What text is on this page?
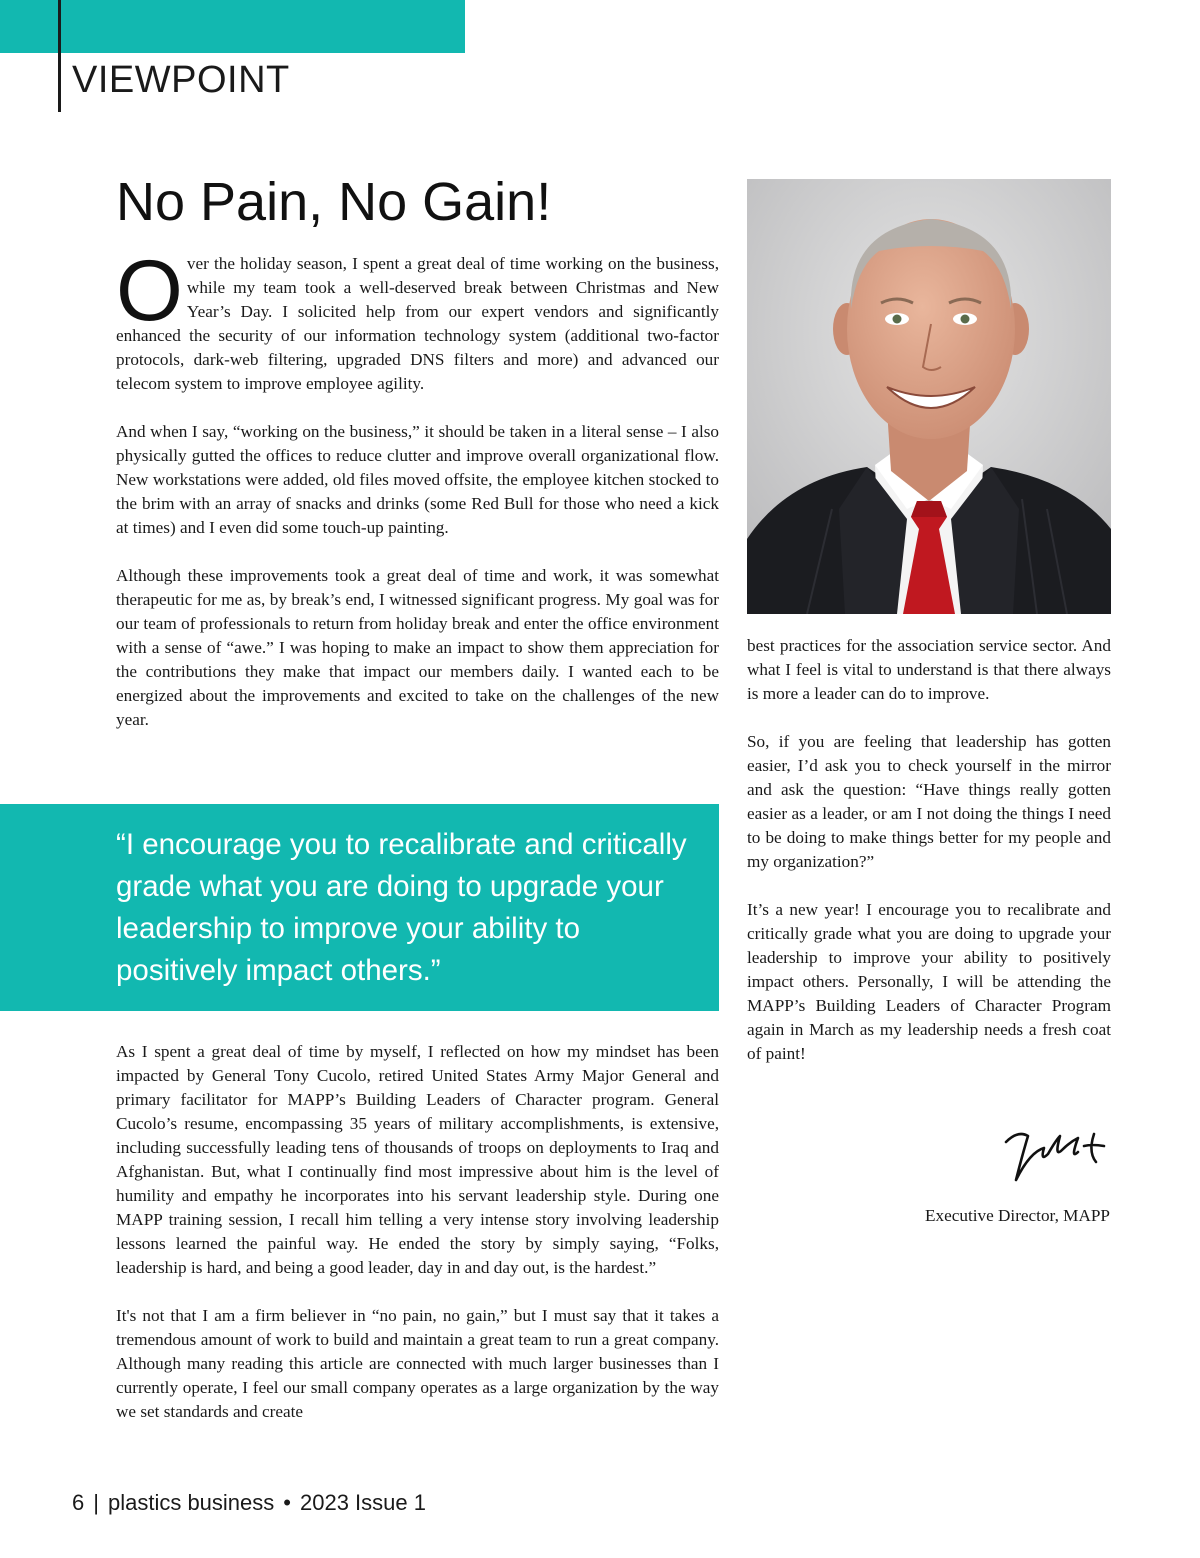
VIEWPOINT
No Pain, No Gain!

Over the holiday season, I spent a great deal of time working on the business, while my team took a well-deserved break between Christmas and New Year’s Day. I solicited help from our expert vendors and significantly enhanced the security of our information technology system (additional two-factor protocols, dark-web filtering, upgraded DNS filters and more) and advanced our telecom system to improve employee agility.

And when I say, “working on the business,” it should be taken in a literal sense – I also physically gutted the offices to reduce clutter and improve overall organizational flow. New workstations were added, old files moved offsite, the employee kitchen stocked to the brim with an array of snacks and drinks (some Red Bull for those who need a kick at times) and I even did some touch-up painting.

Although these improvements took a great deal of time and work, it was somewhat therapeutic for me as, by break’s end, I witnessed significant progress. My goal was for our team of professionals to return from holiday break and enter the office environment with a sense of “awe.” I was hoping to make an impact to show them appreciation for the contributions they make that impact our members daily. I wanted each to be energized about the improvements and excited to take on the challenges of the new year.

“I encourage you to recalibrate and critically grade what you are doing to upgrade your leadership to improve your ability to positively impact others.”

As I spent a great deal of time by myself, I reflected on how my mindset has been impacted by General Tony Cucolo, retired United States Army Major General and primary facilitator for MAPP’s Building Leaders of Character program. General Cucolo’s resume, encompassing 35 years of military accomplishments, is extensive, including successfully leading tens of thousands of troops on deployments to Iraq and Afghanistan. But, what I continually find most impressive about him is the level of humility and empathy he incorporates into his servant leadership style. During one MAPP training session, I recall him telling a very intense story involving leadership lessons learned the painful way. He ended the story by simply saying, “Folks, leadership is hard, and being a good leader, day in and day out, is the hardest.”

It's not that I am a firm believer in “no pain, no gain,” but I must say that it takes a tremendous amount of work to build and maintain a great team to run a great company. Although many reading this article are connected with much larger businesses than I currently operate, I feel our small company operates as a large organization by the way we set standards and create

best practices for the association service sector. And what I feel is vital to understand is that there always is more a leader can do to improve.

So, if you are feeling that leadership has gotten easier, I’d ask you to check yourself in the mirror and ask the question: “Have things really gotten easier as a leader, or am I not doing the things I need to be doing to make things better for my people and my organization?”

It’s a new year! I encourage you to recalibrate and critically grade what you are doing to upgrade your leadership to improve your ability to positively impact others. Personally, I will be attending the MAPP’s Building Leaders of Character Program again in March as my leadership needs a fresh coat of paint!

Executive Director, MAPP
6 | plastics business • 2023 Issue 1
